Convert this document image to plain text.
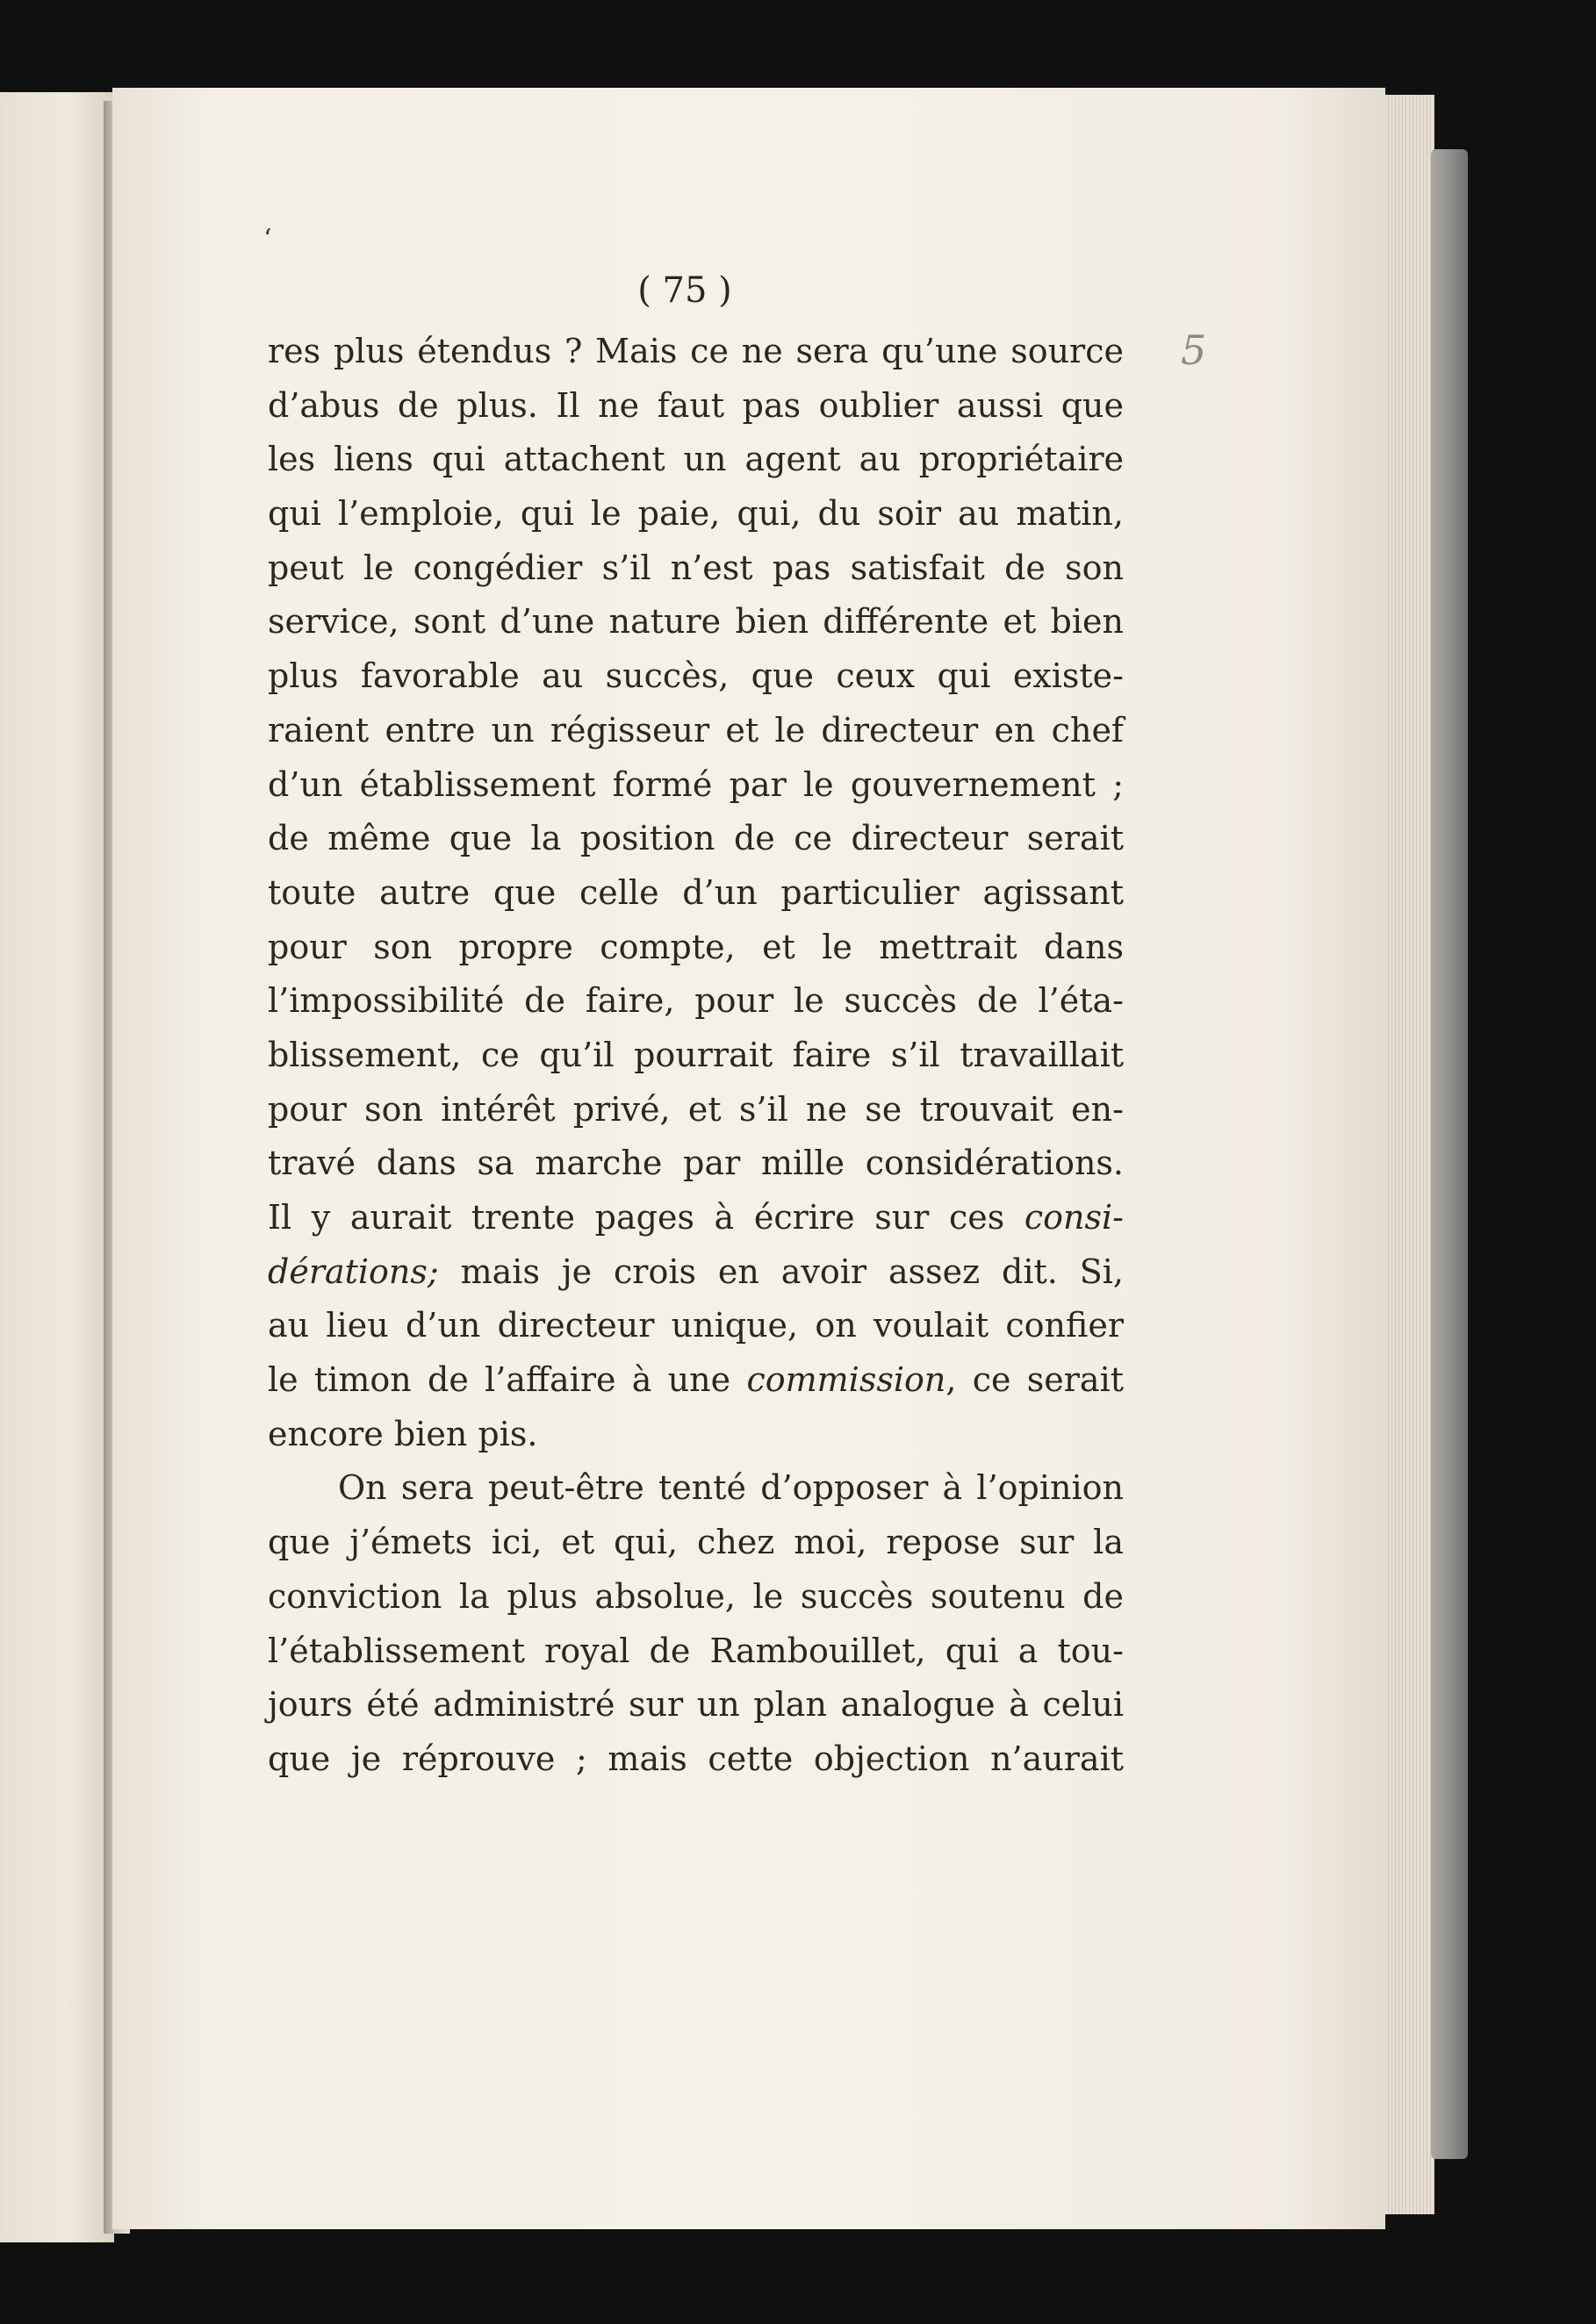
‘
( 75 )
5
res plus étendus ? Mais ce ne sera qu’une source
d’abus de plus. Il ne faut pas oublier aussi que
les liens qui attachent un agent au propriétaire
qui l’emploie, qui le paie, qui, du soir au matin,
peut le congédier s’il n’est pas satisfait de son
service, sont d’une nature bien différente et bien
plus favorable au succès, que ceux qui existe-
raient entre un régisseur et le directeur en chef
d’un établissement formé par le gouvernement ;
de même que la position de ce directeur serait
toute autre que celle d’un particulier agissant
pour son propre compte, et le mettrait dans
l’impossibilité de faire, pour le succès de l’éta-
blissement, ce qu’il pourrait faire s’il travaillait
pour son intérêt privé, et s’il ne se trouvait en-
travé dans sa marche par mille considérations.
Il y aurait trente pages à écrire sur ces consi-
dérations; mais je crois en avoir assez dit. Si,
au lieu d’un directeur unique, on voulait confier
le timon de l’affaire à une commission, ce serait
encore bien pis.
On sera peut-être tenté d’opposer à l’opinion
que j’émets ici, et qui, chez moi, repose sur la
conviction la plus absolue, le succès soutenu de
l’établissement royal de Rambouillet, qui a tou-
jours été administré sur un plan analogue à celui
que je réprouve ; mais cette objection n’aurait
